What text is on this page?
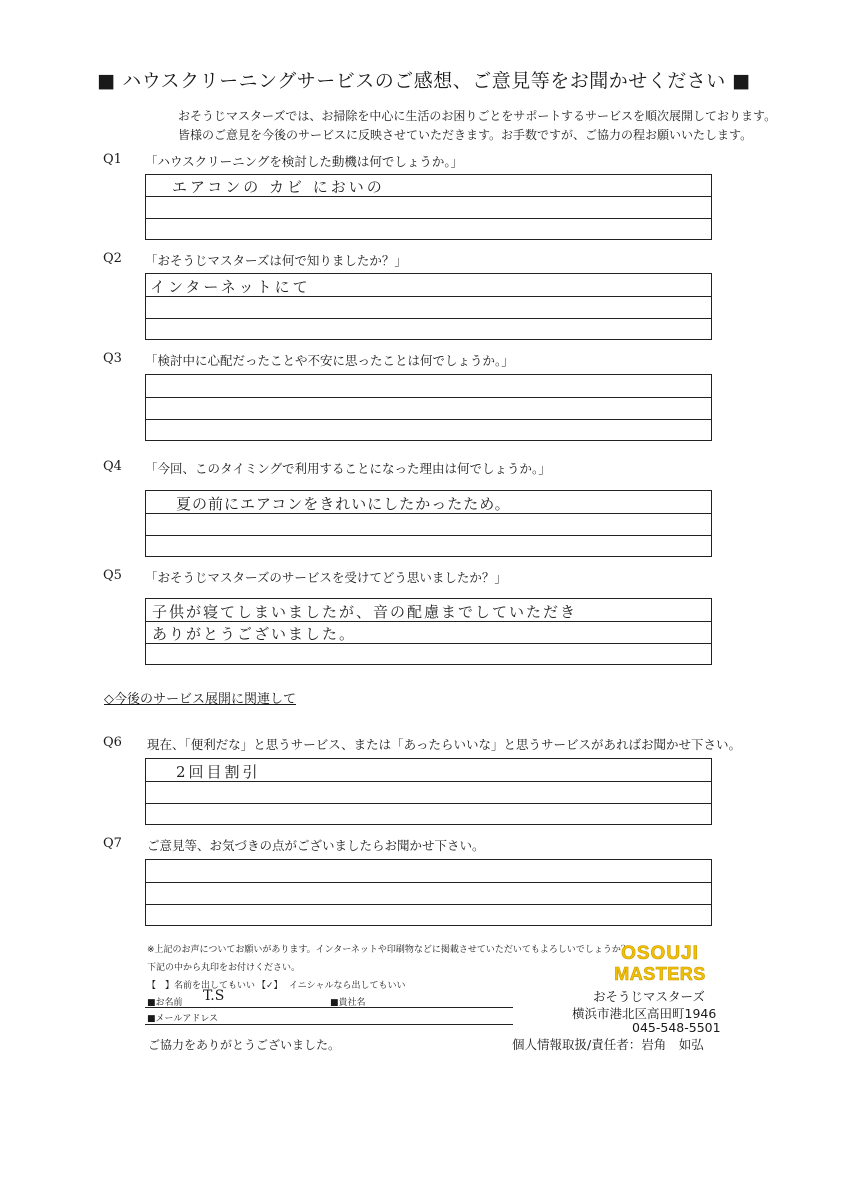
■ ハウスクリーニングサービスのご感想、ご意見等をお聞かせください ■
おそうじマスターズでは、お掃除を中心に生活のお困りごとをサポートするサービスを順次展開しております。
皆様のご意見を今後のサービスに反映させていただきます。お手数ですが、ご協力の程お願いいたします。
Q1 「ハウスクリーニングを検討した動機は何でしょうか。」
エアコンの カビ においの
Q2 「おそうじマスターズは何で知りましたか？」
インターネットにて
Q3 「検討中に心配だったことや不安に思ったことは何でしょうか。」
Q4 「今回、このタイミングで利用することになった理由は何でしょうか。」
夏の前にエアコンをきれいにしたかったため。
Q5 「おそうじマスターズのサービスを受けてどう思いましたか？」
子供が寝てしまいましたが、音の配慮までしていただき
ありがとうございました。
◇今後のサービス展開に関連して
Q6 現在、「便利だな」と思うサービス、または「あったらいいな」と思うサービスがあればお聞かせ下さい。
2回目割引
Q7 ご意見等、お気づきの点がございましたらお聞かせ下さい。
※上記のお声についてお願いがあります。インターネットや印刷物などに掲載させていただいてもよろしいでしょうか？
下記の中から丸印をお付けください。
【　】名前を出してもいい 【✓】 イニシャルなら出してもいい
■お名前 T.S	■貴社名
■メールアドレス
ご協力をありがとうございました。
OSOUJI
MASTERS
おそうじマスターズ
横浜市港北区高田町1946
045-548-5501
個人情報取扱/責任者：岩角　如弘
